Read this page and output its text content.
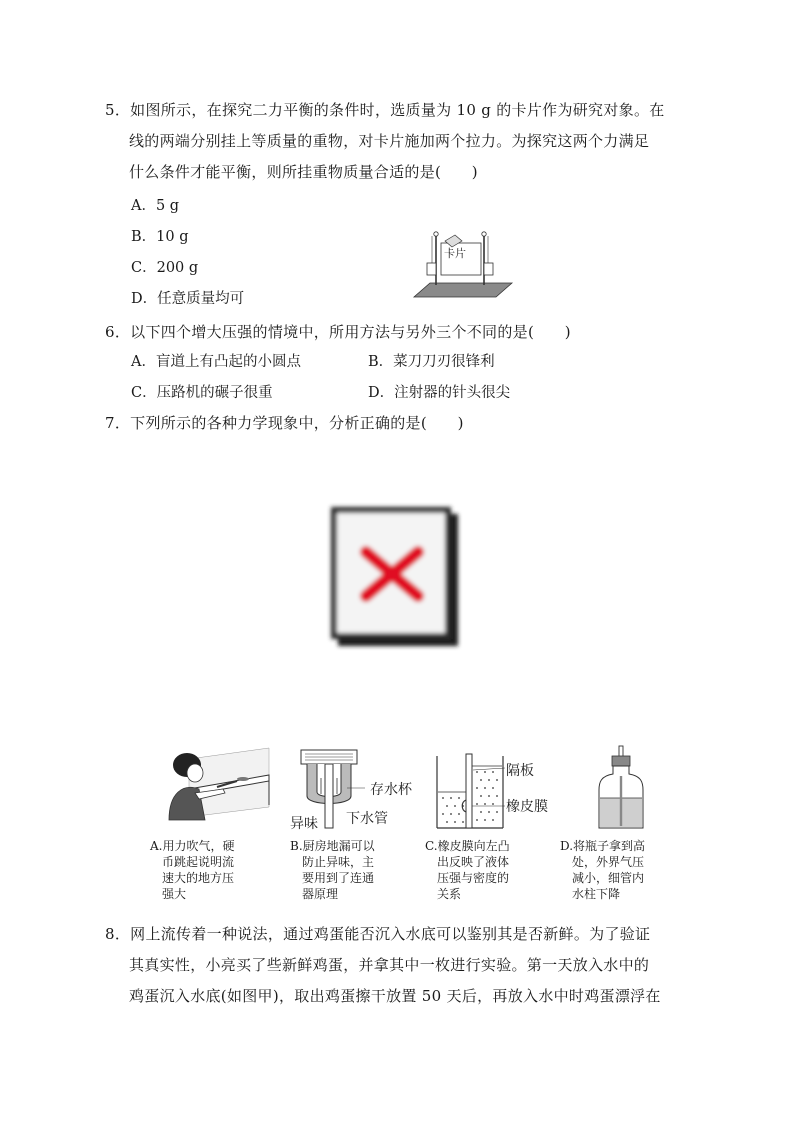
5．如图所示，在探究二力平衡的条件时，选质量为 10 g 的卡片作为研究对象。在
线的两端分别挂上等质量的重物，对卡片施加两个拉力。为探究这两个力满足
什么条件才能平衡，则所挂重物质量合适的是(　　)
A．5 g
B．10 g
C．200 g
D．任意质量均可
卡片
6．以下四个增大压强的情境中，所用方法与另外三个不同的是(　　)
A．盲道上有凸起的小圆点	B．菜刀刀刃很锋利
C．压路机的碾子很重	D．注射器的针头很尖
7．下列所示的各种力学现象中，分析正确的是(　　)
存水杯
下水管
异味
隔板
橡皮膜
A.用力吹气，硬
币跳起说明流
速大的地方压
强大
B.厨房地漏可以
防止异味，主
要用到了连通
器原理
C.橡皮膜向左凸
出反映了液体
压强与密度的
关系
D.将瓶子拿到高
处，外界气压
减小，细管内
水柱下降
8．网上流传着一种说法，通过鸡蛋能否沉入水底可以鉴别其是否新鲜。为了验证
其真实性，小亮买了些新鲜鸡蛋，并拿其中一枚进行实验。第一天放入水中的
鸡蛋沉入水底(如图甲)，取出鸡蛋擦干放置 50 天后，再放入水中时鸡蛋漂浮在
